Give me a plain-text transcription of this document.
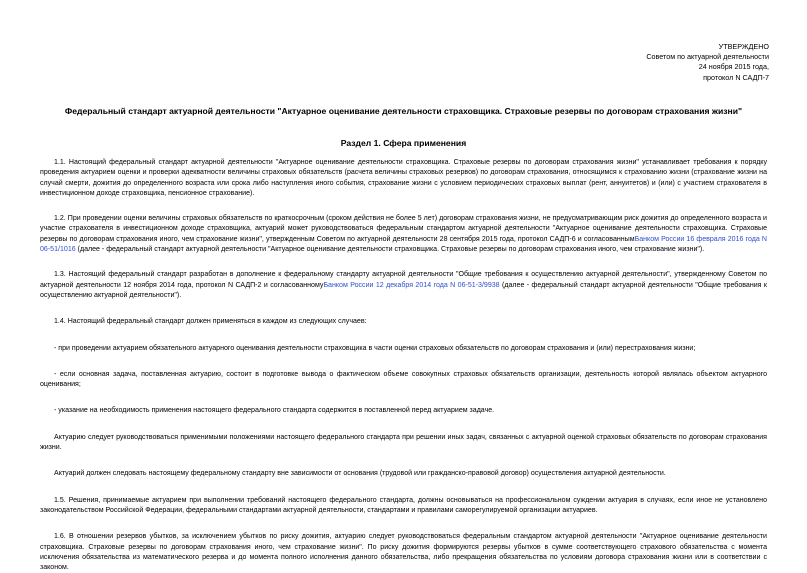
УТВЕРЖДЕНО
Советом по актуарной деятельности
24 ноября 2015 года,
протокол N САДП-7
Федеральный стандарт актуарной деятельности "Актуарное оценивание деятельности страховщика. Страховые резервы по договорам страхования жизни"
Раздел 1. Сфера применения

1.1. Настоящий федеральный стандарт актуарной деятельности "Актуарное оценивание деятельности страховщика. Страховые резервы по договорам страхования жизни" устанавливает требования к порядку проведения актуарием оценки и проверки адекватности величины страховых обязательств (расчета величины страховых резервов) по договорам страхования, относящимся к страхованию жизни (страхование жизни на случай смерти, дожития до определенного возраста или срока либо наступления иного события, страхование жизни с условием периодических страховых выплат (рент, аннуитетов) и (или) с участием страхователя в инвестиционном доходе страховщика, пенсионное страхование).

1.2. При проведении оценки величины страховых обязательств по краткосрочным (сроком действия не более 5 лет) договорам страхования жизни, не предусматривающим риск дожития до определенного возраста и участие страхователя в инвестиционном доходе страховщика, актуарий может руководствоваться федеральным стандартом актуарной деятельности "Актуарное оценивание деятельности страховщика. Страховые резервы по договорам страхования иного, чем страхование жизни", утвержденным Советом по актуарной деятельности 28 сентября 2015 года, протокол САДП-6 и согласованнымБанком России 16 февраля 2016 года N 06-51/1016 (далее - федеральный стандарт актуарной деятельности "Актуарное оценивание деятельности страховщика. Страховые резервы по договорам страхования иного, чем страхование жизни").

1.3. Настоящий федеральный стандарт разработан в дополнение к федеральному стандарту актуарной деятельности "Общие требования к осуществлению актуарной деятельности", утвержденному Советом по актуарной деятельности 12 ноября 2014 года, протокол N САДП-2 и согласованномуБанком России 12 декабря 2014 года N 06-51-3/9938 (далее - федеральный стандарт актуарной деятельности "Общие требования к осуществлению актуарной деятельности").

1.4. Настоящий федеральный стандарт должен применяться в каждом из следующих случаев:

- при проведении актуарием обязательного актуарного оценивания деятельности страховщика в части оценки страховых обязательств по договорам страхования и (или) перестрахования жизни;

- если основная задача, поставленная актуарию, состоит в подготовке вывода о фактическом объеме совокупных страховых обязательств организации, деятельность которой являлась объектом актуарного оценивания;

- указание на необходимость применения настоящего федерального стандарта содержится в поставленной перед актуарием задаче.

Актуарию следует руководствоваться применимыми положениями настоящего федерального стандарта при решении иных задач, связанных с актуарной оценкой страховых обязательств по договорам страхования жизни.

Актуарий должен следовать настоящему федеральному стандарту вне зависимости от основания (трудовой или гражданско-правовой договор) осуществления актуарной деятельности.

1.5. Решения, принимаемые актуарием при выполнении требований настоящего федерального стандарта, должны основываться на профессиональном суждении актуария в случаях, если иное не установлено законодательством Российской Федерации, федеральными стандартами актуарной деятельности, стандартами и правилами саморегулируемой организации актуариев.

1.6. В отношении резервов убытков, за исключением убытков по риску дожития, актуарию следует руководствоваться федеральным стандартом актуарной деятельности "Актуарное оценивание деятельности страховщика. Страховые резервы по договорам страхования иного, чем страхование жизни". По риску дожития формируются резервы убытков в сумме соответствующего страхового обязательства с момента исключения обязательства из математического резерва и до момента полного исполнения данного обязательства, либо прекращения обязательства по условиям договора страхования жизни или в соответствии с законом.
